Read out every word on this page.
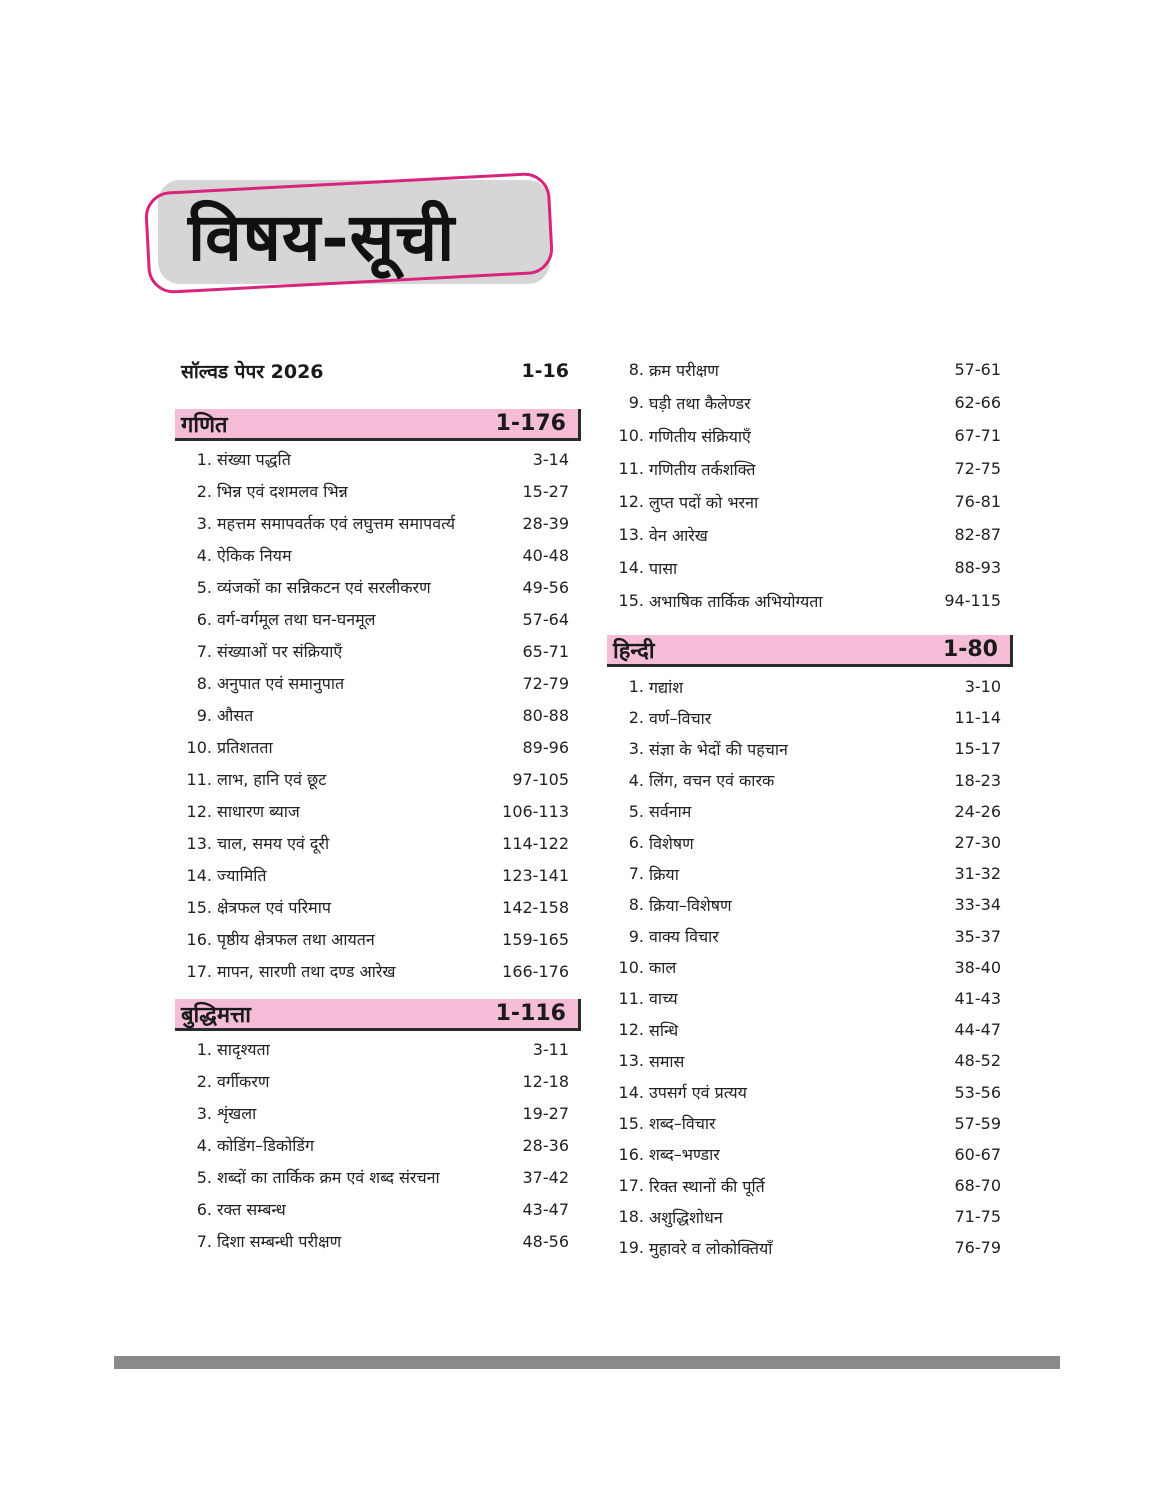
विषय-सूची
सॉल्वड पेपर 2026	1-16
गणित	1-176
1. संख्या पद्धति	3-14
2. भिन्न एवं दशमलव भिन्न	15-27
3. महत्तम समापवर्तक एवं लघुत्तम समापवर्त्य	28-39
4. ऐकिक नियम	40-48
5. व्यंजकों का सन्निकटन एवं सरलीकरण	49-56
6. वर्ग-वर्गमूल तथा घन-घनमूल	57-64
7. संख्याओं पर संक्रियाएँ	65-71
8. अनुपात एवं समानुपात	72-79
9. औसत	80-88
10. प्रतिशतता	89-96
11. लाभ, हानि एवं छूट	97-105
12. साधारण ब्याज	106-113
13. चाल, समय एवं दूरी	114-122
14. ज्यामिति	123-141
15. क्षेत्रफल एवं परिमाप	142-158
16. पृष्ठीय क्षेत्रफल तथा आयतन	159-165
17. मापन, सारणी तथा दण्ड आरेख	166-176
बुद्धिमत्ता	1-116
1. सादृश्यता	3-11
2. वर्गीकरण	12-18
3. शृंखला	19-27
4. कोडिंग–डिकोडिंग	28-36
5. शब्दों का तार्किक क्रम एवं शब्द संरचना	37-42
6. रक्त सम्बन्ध	43-47
7. दिशा सम्बन्धी परीक्षण	48-56
8. क्रम परीक्षण	57-61
9. घड़ी तथा कैलेण्डर	62-66
10. गणितीय संक्रियाएँ	67-71
11. गणितीय तर्कशक्ति	72-75
12. लुप्त पदों को भरना	76-81
13. वेन आरेख	82-87
14. पासा	88-93
15. अभाषिक तार्किक अभियोग्यता	94-115
हिन्दी	1-80
1. गद्यांश	3-10
2. वर्ण–विचार	11-14
3. संज्ञा के भेदों की पहचान	15-17
4. लिंग, वचन एवं कारक	18-23
5. सर्वनाम	24-26
6. विशेषण	27-30
7. क्रिया	31-32
8. क्रिया–विशेषण	33-34
9. वाक्य विचार	35-37
10. काल	38-40
11. वाच्य	41-43
12. सन्धि	44-47
13. समास	48-52
14. उपसर्ग एवं प्रत्यय	53-56
15. शब्द–विचार	57-59
16. शब्द–भण्डार	60-67
17. रिक्त स्थानों की पूर्ति	68-70
18. अशुद्धिशोधन	71-75
19. मुहावरे व लोकोक्तियाँ	76-79
